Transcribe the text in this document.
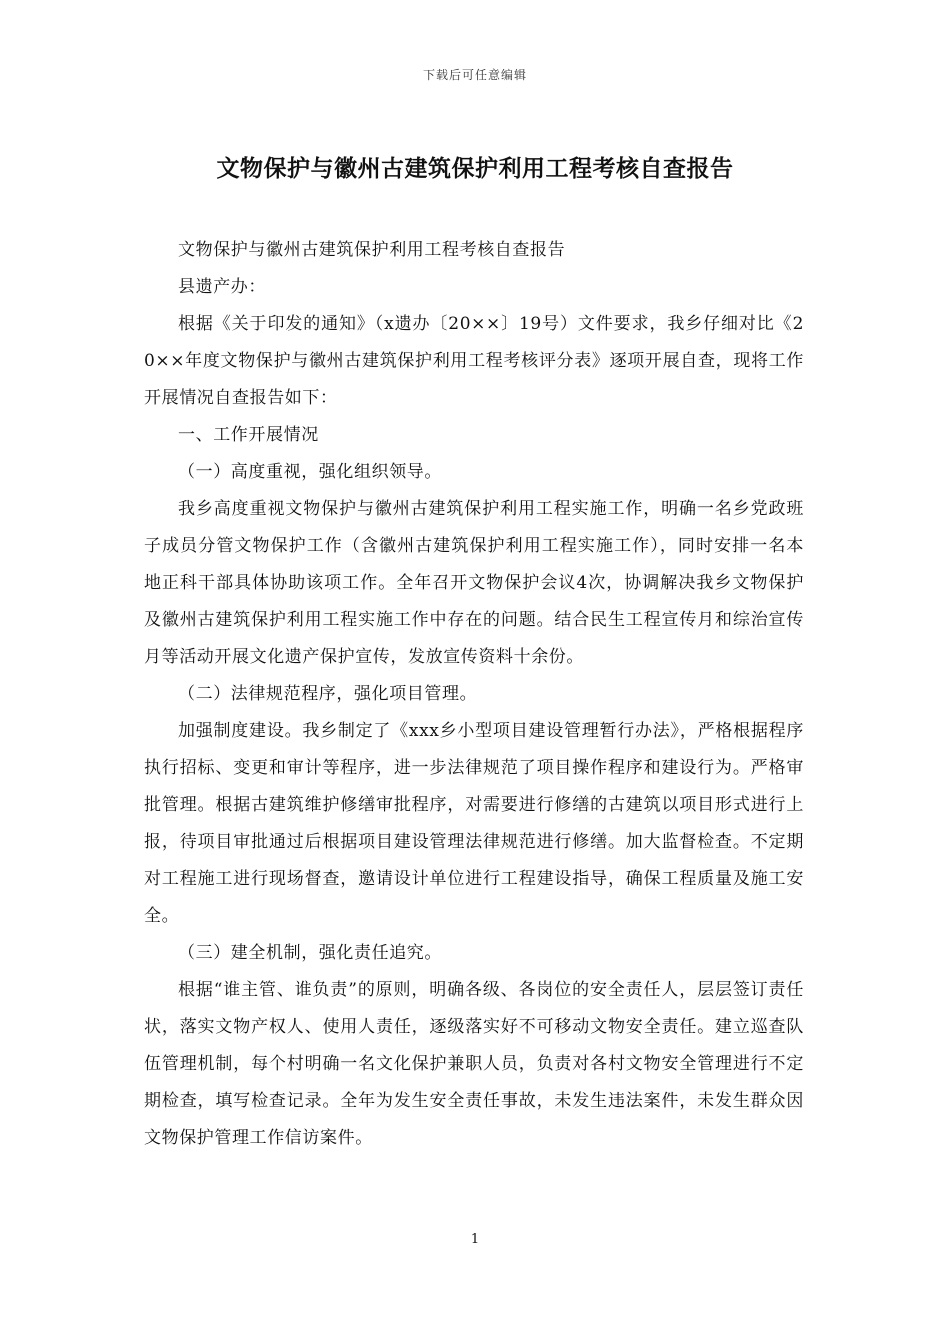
下载后可任意编辑
文物保护与徽州古建筑保护利用工程考核自查报告

文物保护与徽州古建筑保护利用工程考核自查报告

县遗产办：

根据《关于印发的通知》（x遗办〔20××〕19号）文件要求，我乡仔细对比《20××年度文物保护与徽州古建筑保护利用工程考核评分表》逐项开展自查，现将工作开展情况自查报告如下：

一、工作开展情况

（一）高度重视，强化组织领导。

我乡高度重视文物保护与徽州古建筑保护利用工程实施工作，明确一名乡党政班子成员分管文物保护工作（含徽州古建筑保护利用工程实施工作），同时安排一名本地正科干部具体协助该项工作。全年召开文物保护会议4次，协调解决我乡文物保护及徽州古建筑保护利用工程实施工作中存在的问题。结合民生工程宣传月和综治宣传月等活动开展文化遗产保护宣传，发放宣传资料十余份。

（二）法律规范程序，强化项目管理。

加强制度建设。我乡制定了《xxx乡小型项目建设管理暂行办法》，严格根据程序执行招标、变更和审计等程序，进一步法律规范了项目操作程序和建设行为。严格审批管理。根据古建筑维护修缮审批程序，对需要进行修缮的古建筑以项目形式进行上报，待项目审批通过后根据项目建设管理法律规范进行修缮。加大监督检查。不定期对工程施工进行现场督查，邀请设计单位进行工程建设指导，确保工程质量及施工安全。

（三）建全机制，强化责任追究。

根据“谁主管、谁负责”的原则，明确各级、各岗位的安全责任人，层层签订责任状，落实文物产权人、使用人责任，逐级落实好不可移动文物安全责任。建立巡查队伍管理机制，每个村明确一名文化保护兼职人员，负责对各村文物安全管理进行不定期检查，填写检查记录。全年为发生安全责任事故，未发生违法案件，未发生群众因文物保护管理工作信访案件。

1
